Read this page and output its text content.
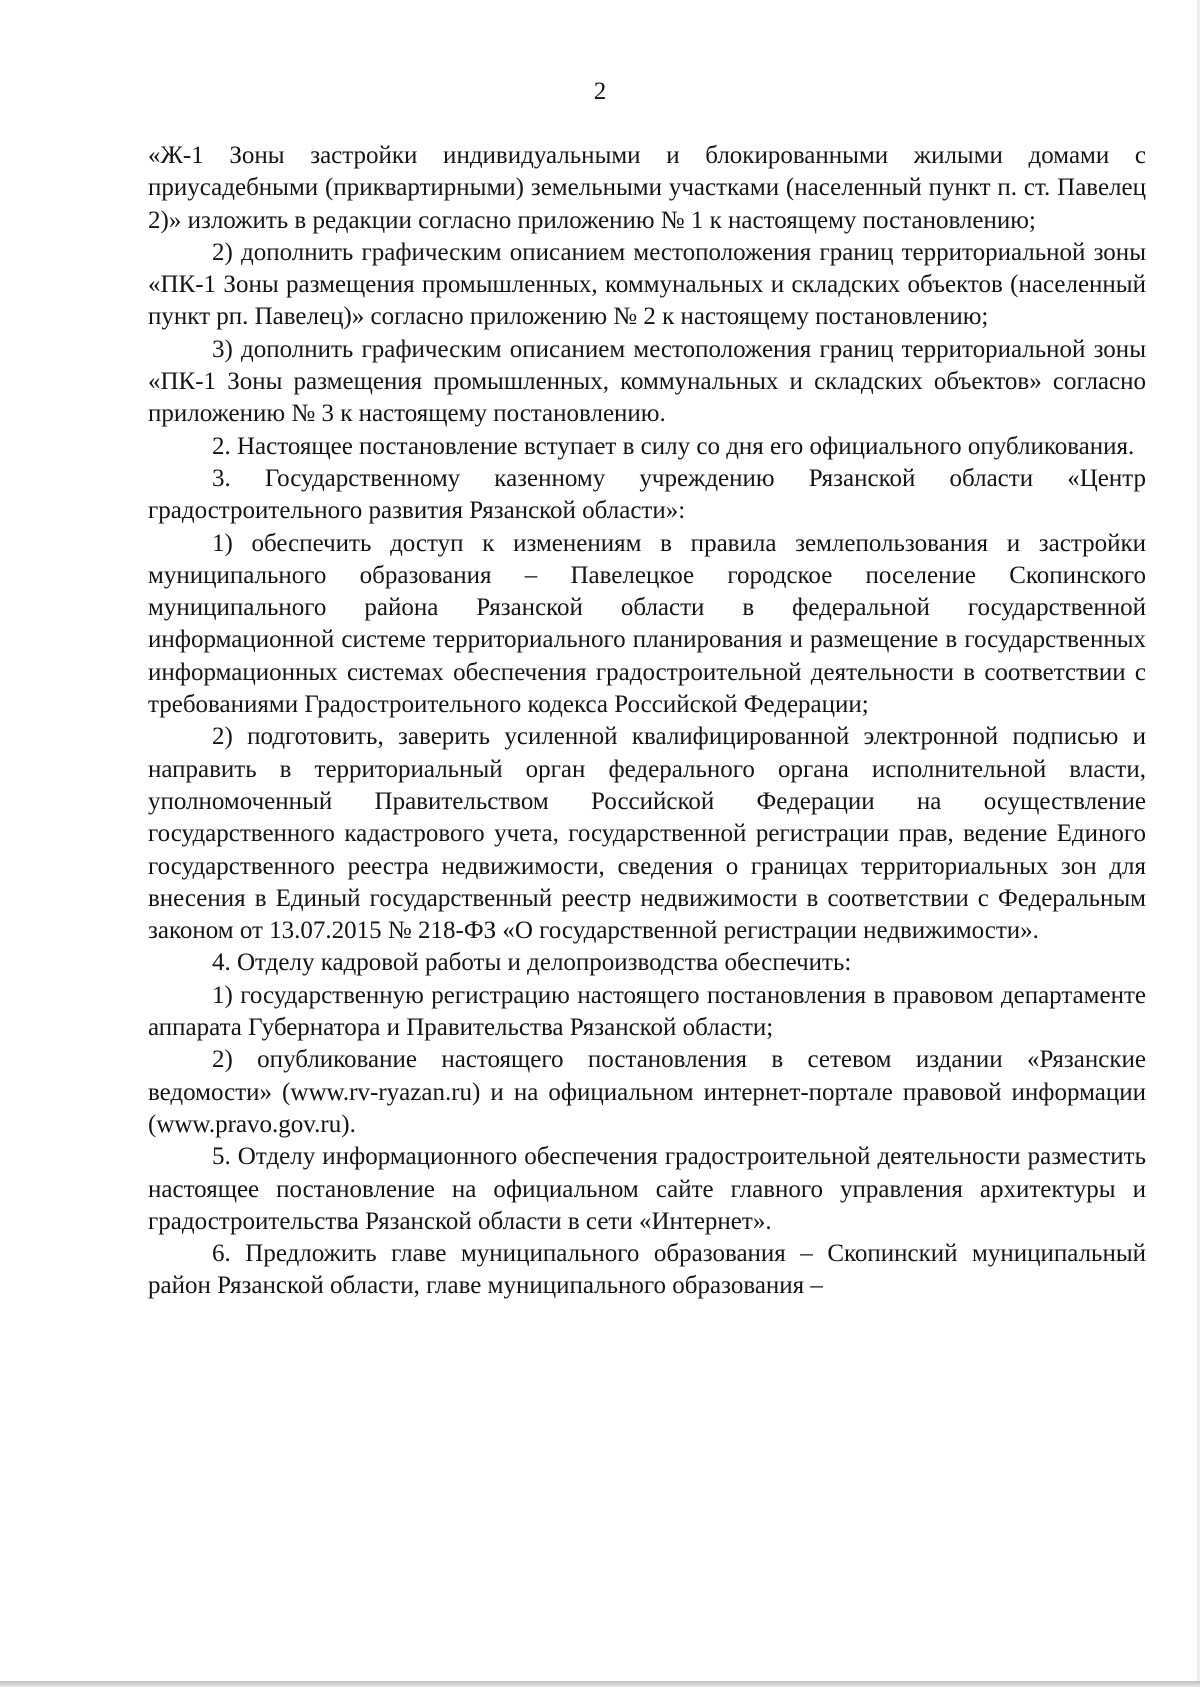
2

«Ж-1 Зоны застройки индивидуальными и блокированными жилыми домами с приусадебными (приквартирными) земельными участками (населенный пункт п. ст. Павелец 2)» изложить в редакции согласно приложению № 1 к настоящему постановлению;

2) дополнить графическим описанием местоположения границ территориальной зоны «ПК-1 Зоны размещения промышленных, коммунальных и складских объектов (населенный пункт рп. Павелец)» согласно приложению № 2 к настоящему постановлению;

3) дополнить графическим описанием местоположения границ территориальной зоны «ПК-1 Зоны размещения промышленных, коммунальных и складских объектов» согласно приложению № 3 к настоящему постановлению.

2. Настоящее постановление вступает в силу со дня его официального опубликования.

3. Государственному казенному учреждению Рязанской области «Центр градостроительного развития Рязанской области»:

1) обеспечить доступ к изменениям в правила землепользования и застройки муниципального образования – Павелецкое городское поселение Скопинского муниципального района Рязанской области в федеральной государственной информационной системе территориального планирования и размещение в государственных информационных системах обеспечения градостроительной деятельности в соответствии с требованиями Градостроительного кодекса Российской Федерации;

2) подготовить, заверить усиленной квалифицированной электронной подписью и направить в территориальный орган федерального органа исполнительной власти, уполномоченный Правительством Российской Федерации на осуществление государственного кадастрового учета, государственной регистрации прав, ведение Единого государственного реестра недвижимости, сведения о границах территориальных зон для внесения в Единый государственный реестр недвижимости в соответствии с Федеральным законом от 13.07.2015 № 218-ФЗ «О государственной регистрации недвижимости».

4. Отделу кадровой работы и делопроизводства обеспечить:

1) государственную регистрацию настоящего постановления в правовом департаменте аппарата Губернатора и Правительства Рязанской области;

2) опубликование настоящего постановления в сетевом издании «Рязанские ведомости» (www.rv-ryazan.ru) и на официальном интернет-портале правовой информации (www.pravo.gov.ru).

5. Отделу информационного обеспечения градостроительной деятельности разместить настоящее постановление на официальном сайте главного управления архитектуры и градостроительства Рязанской области в сети «Интернет».

6. Предложить главе муниципального образования – Скопинский муниципальный район Рязанской области, главе муниципального образования –
